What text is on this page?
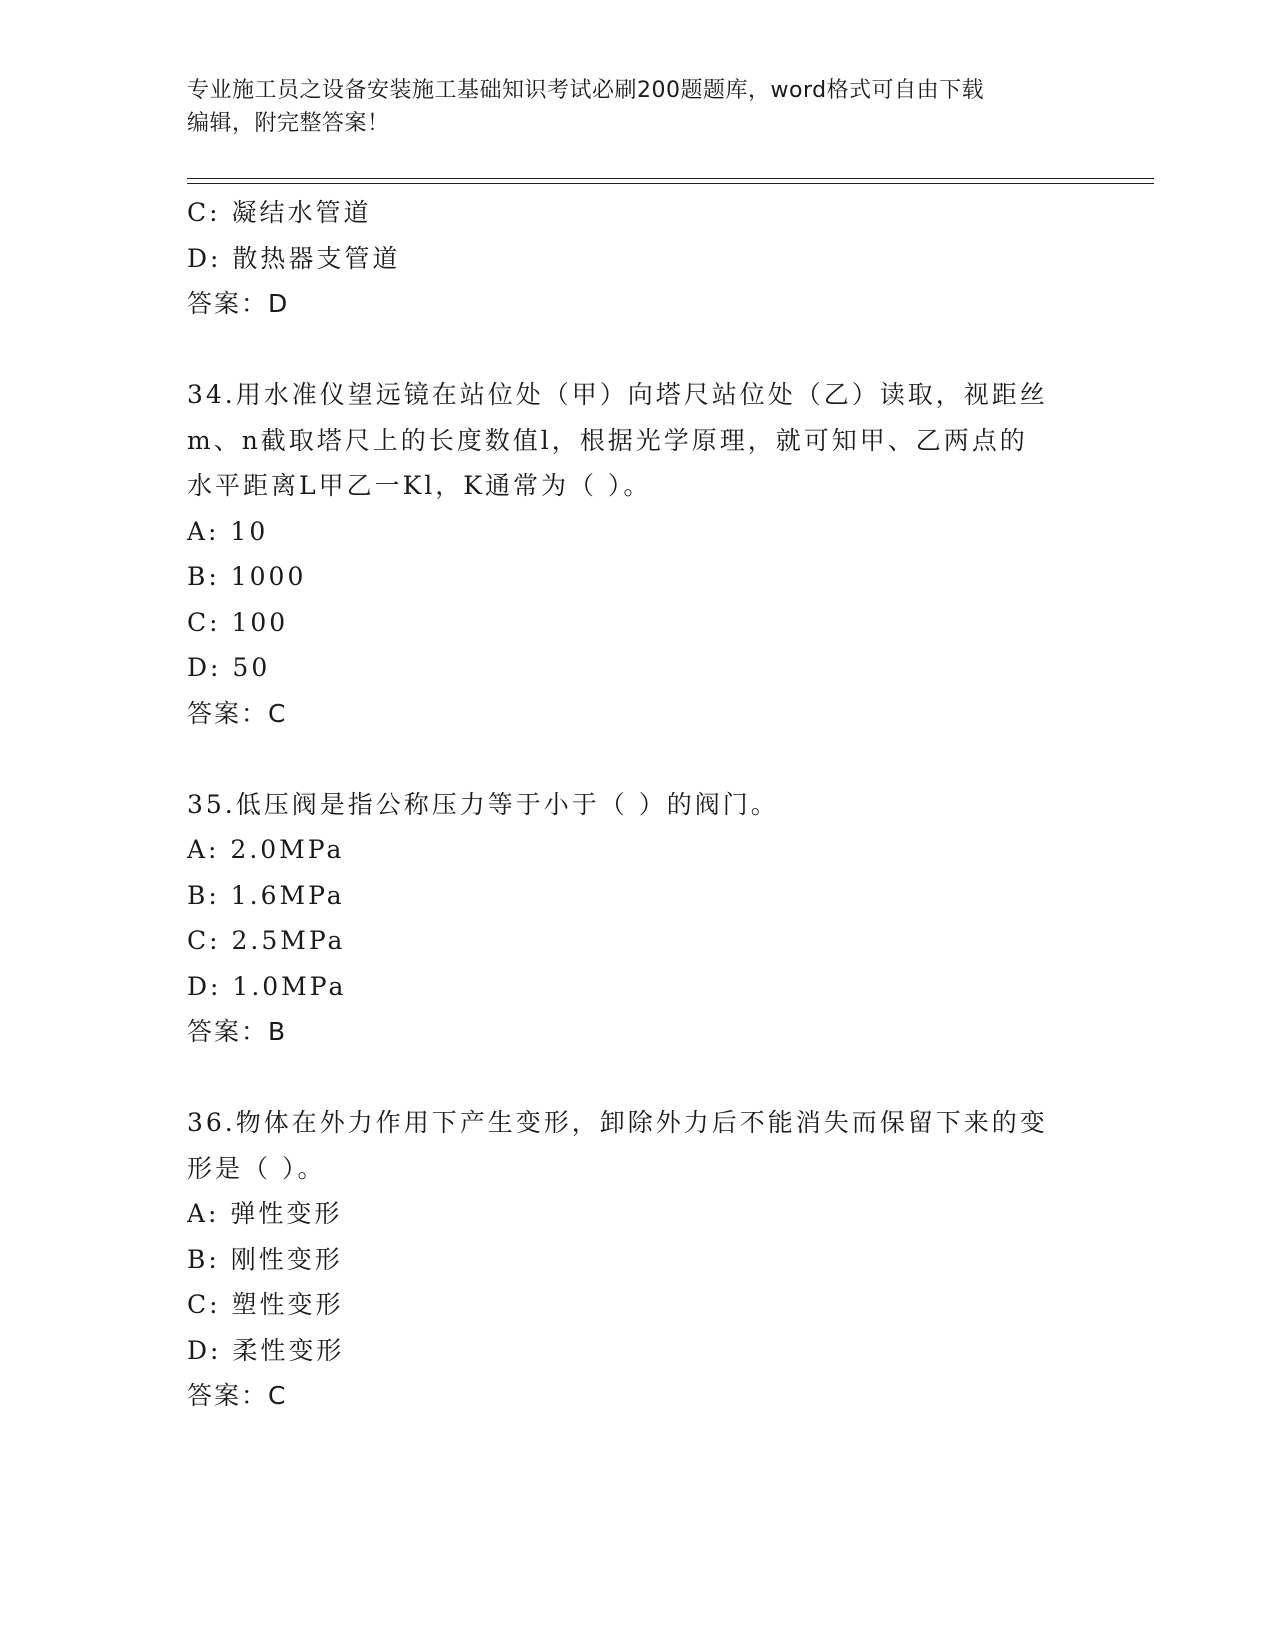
专业施工员之设备安装施工基础知识考试必刷200题题库，word格式可自由下载
编辑，附完整答案！
C: 凝结水管道
D: 散热器支管道
答案：D
34.用水准仪望远镜在站位处（甲）向塔尺站位处（乙）读取，视距丝
m、n截取塔尺上的长度数值l，根据光学原理，就可知甲、乙两点的
水平距离L甲乙一Kl，K通常为（ ）。
A: 10
B: 1000
C: 100
D: 50
答案：C
35.低压阀是指公称压力等于小于（ ）的阀门。
A: 2.0MPa
B: 1.6MPa
C: 2.5MPa
D: 1.0MPa
答案：B
36.物体在外力作用下产生变形，卸除外力后不能消失而保留下来的变
形是（ ）。
A: 弹性变形
B: 刚性变形
C: 塑性变形
D: 柔性变形
答案：C
